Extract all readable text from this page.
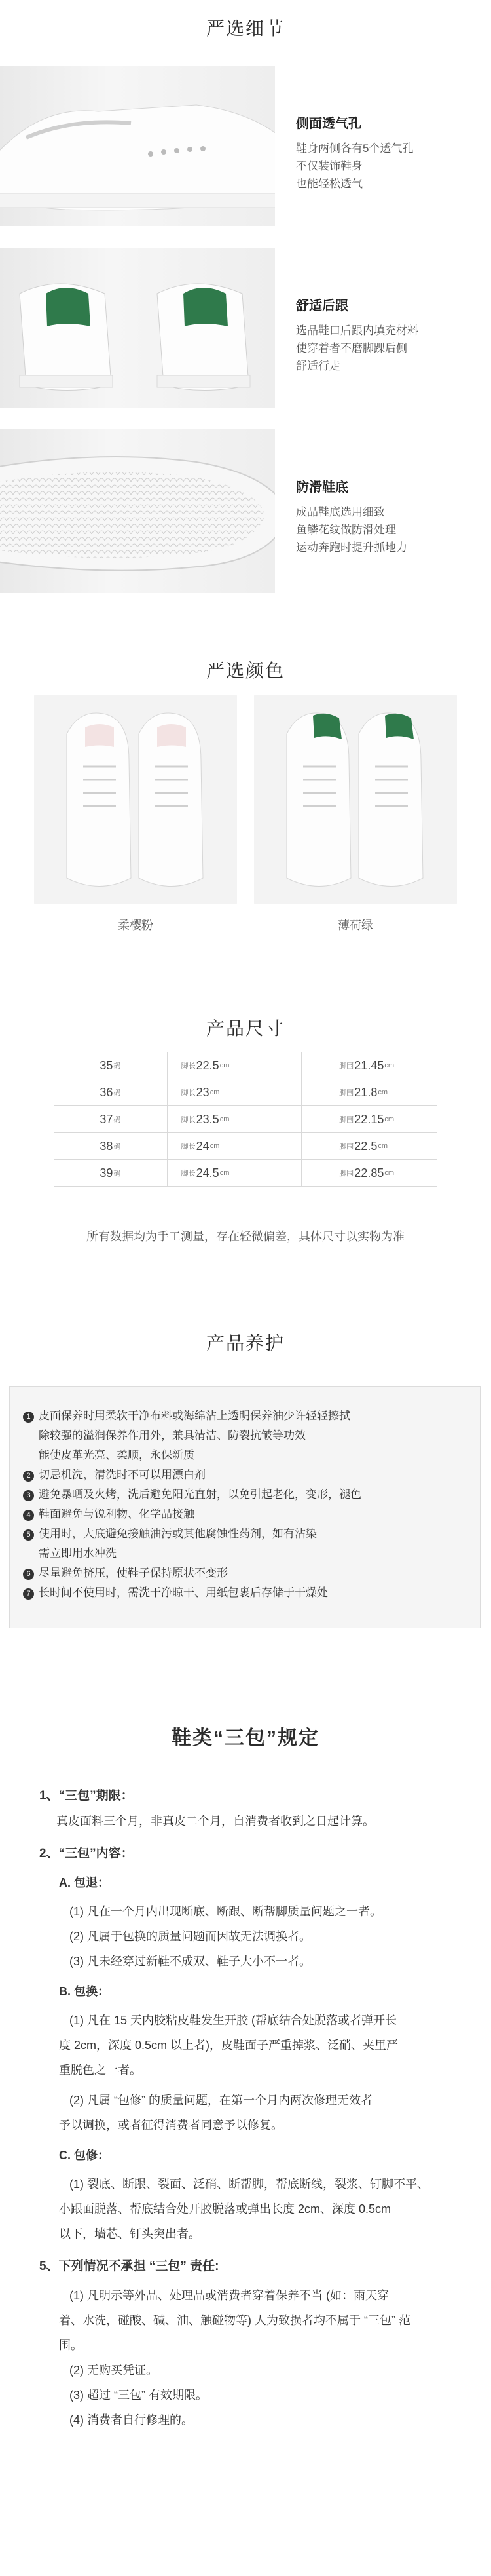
严选细节
侧面透气孔

鞋身两侧各有5个透气孔

不仅装饰鞋身

也能轻松透气

舒适后跟

选品鞋口后跟内填充材料

使穿着者不磨脚踝后侧

舒适行走

防滑鞋底

成品鞋底选用细致

鱼鳞花纹做防滑处理

运动奔跑时提升抓地力

严选颜色
柔樱粉	薄荷绿
产品尺寸
35 码	脚长 22.5 cm	脚围 21.45 cm
36 码	脚长 23 cm	脚围 21.8 cm
37 码	脚长 23.5 cm	脚围 22.15 cm
38 码	脚长 24 cm	脚围 22.5 cm
39 码	脚长 24.5 cm	脚围 22.85 cm
所有数据均为手工测量，存在轻微偏差，具体尺寸以实物为准
产品养护
1 皮面保养时用柔软干净布料或海绵沾上透明保养油少许轻轻擦拭
除较强的溢润保养作用外，兼具清洁、防裂抗皱等功效
能使皮革光亮、柔顺，永保新质
2 切忌机洗，清洗时不可以用漂白剂
3 避免暴晒及火烤，洗后避免阳光直射，以免引起老化，变形，褪色
4 鞋面避免与锐利物、化学品接触
5 使用时，大底避免接触油污或其他腐蚀性药剂，如有沾染
需立即用水冲洗
6 尽量避免挤压，使鞋子保持原状不变形
7 长时间不使用时，需洗干净晾干、用纸包裹后存储于干燥处
鞋类“三包”规定
1、“三包”期限：
真皮面料三个月，非真皮二个月，自消费者收到之日起计算。
2、“三包”内容：
A. 包退：
(1) 凡在一个月内出现断底、断跟、断帮脚质量问题之一者。
(2) 凡属于包换的质量问题而因故无法调换者。
(3) 凡未经穿过新鞋不成双、鞋子大小不一者。
B. 包换：
(1) 凡在 15 天内胶粘皮鞋发生开胶 (帮底结合处脱落或者弹开长
度 2cm，深度 0.5cm 以上者)，皮鞋面子严重掉浆、泛硝、夹里严
重脱色之一者。
(2) 凡属 “包修” 的质量问题，在第一个月内两次修理无效者
予以调换，或者征得消费者同意予以修复。
C. 包修：
(1) 裂底、断跟、裂面、泛硝、断帮脚，帮底断线，裂浆、钉脚不平、
小跟面脱落、帮底结合处开胶脱落或弹出长度 2cm、深度 0.5cm
以下，墙芯、钉头突出者。
5、下列情况不承担 “三包” 责任:
(1) 凡明示等外品、处理品或消费者穿着保养不当 (如：雨天穿
着、水洗，碰酸、碱、油、触碰物等) 人为致损者均不属于 “三包” 范
围。
(2) 无购买凭证。
(3) 超过 “三包” 有效期限。
(4) 消费者自行修理的。
